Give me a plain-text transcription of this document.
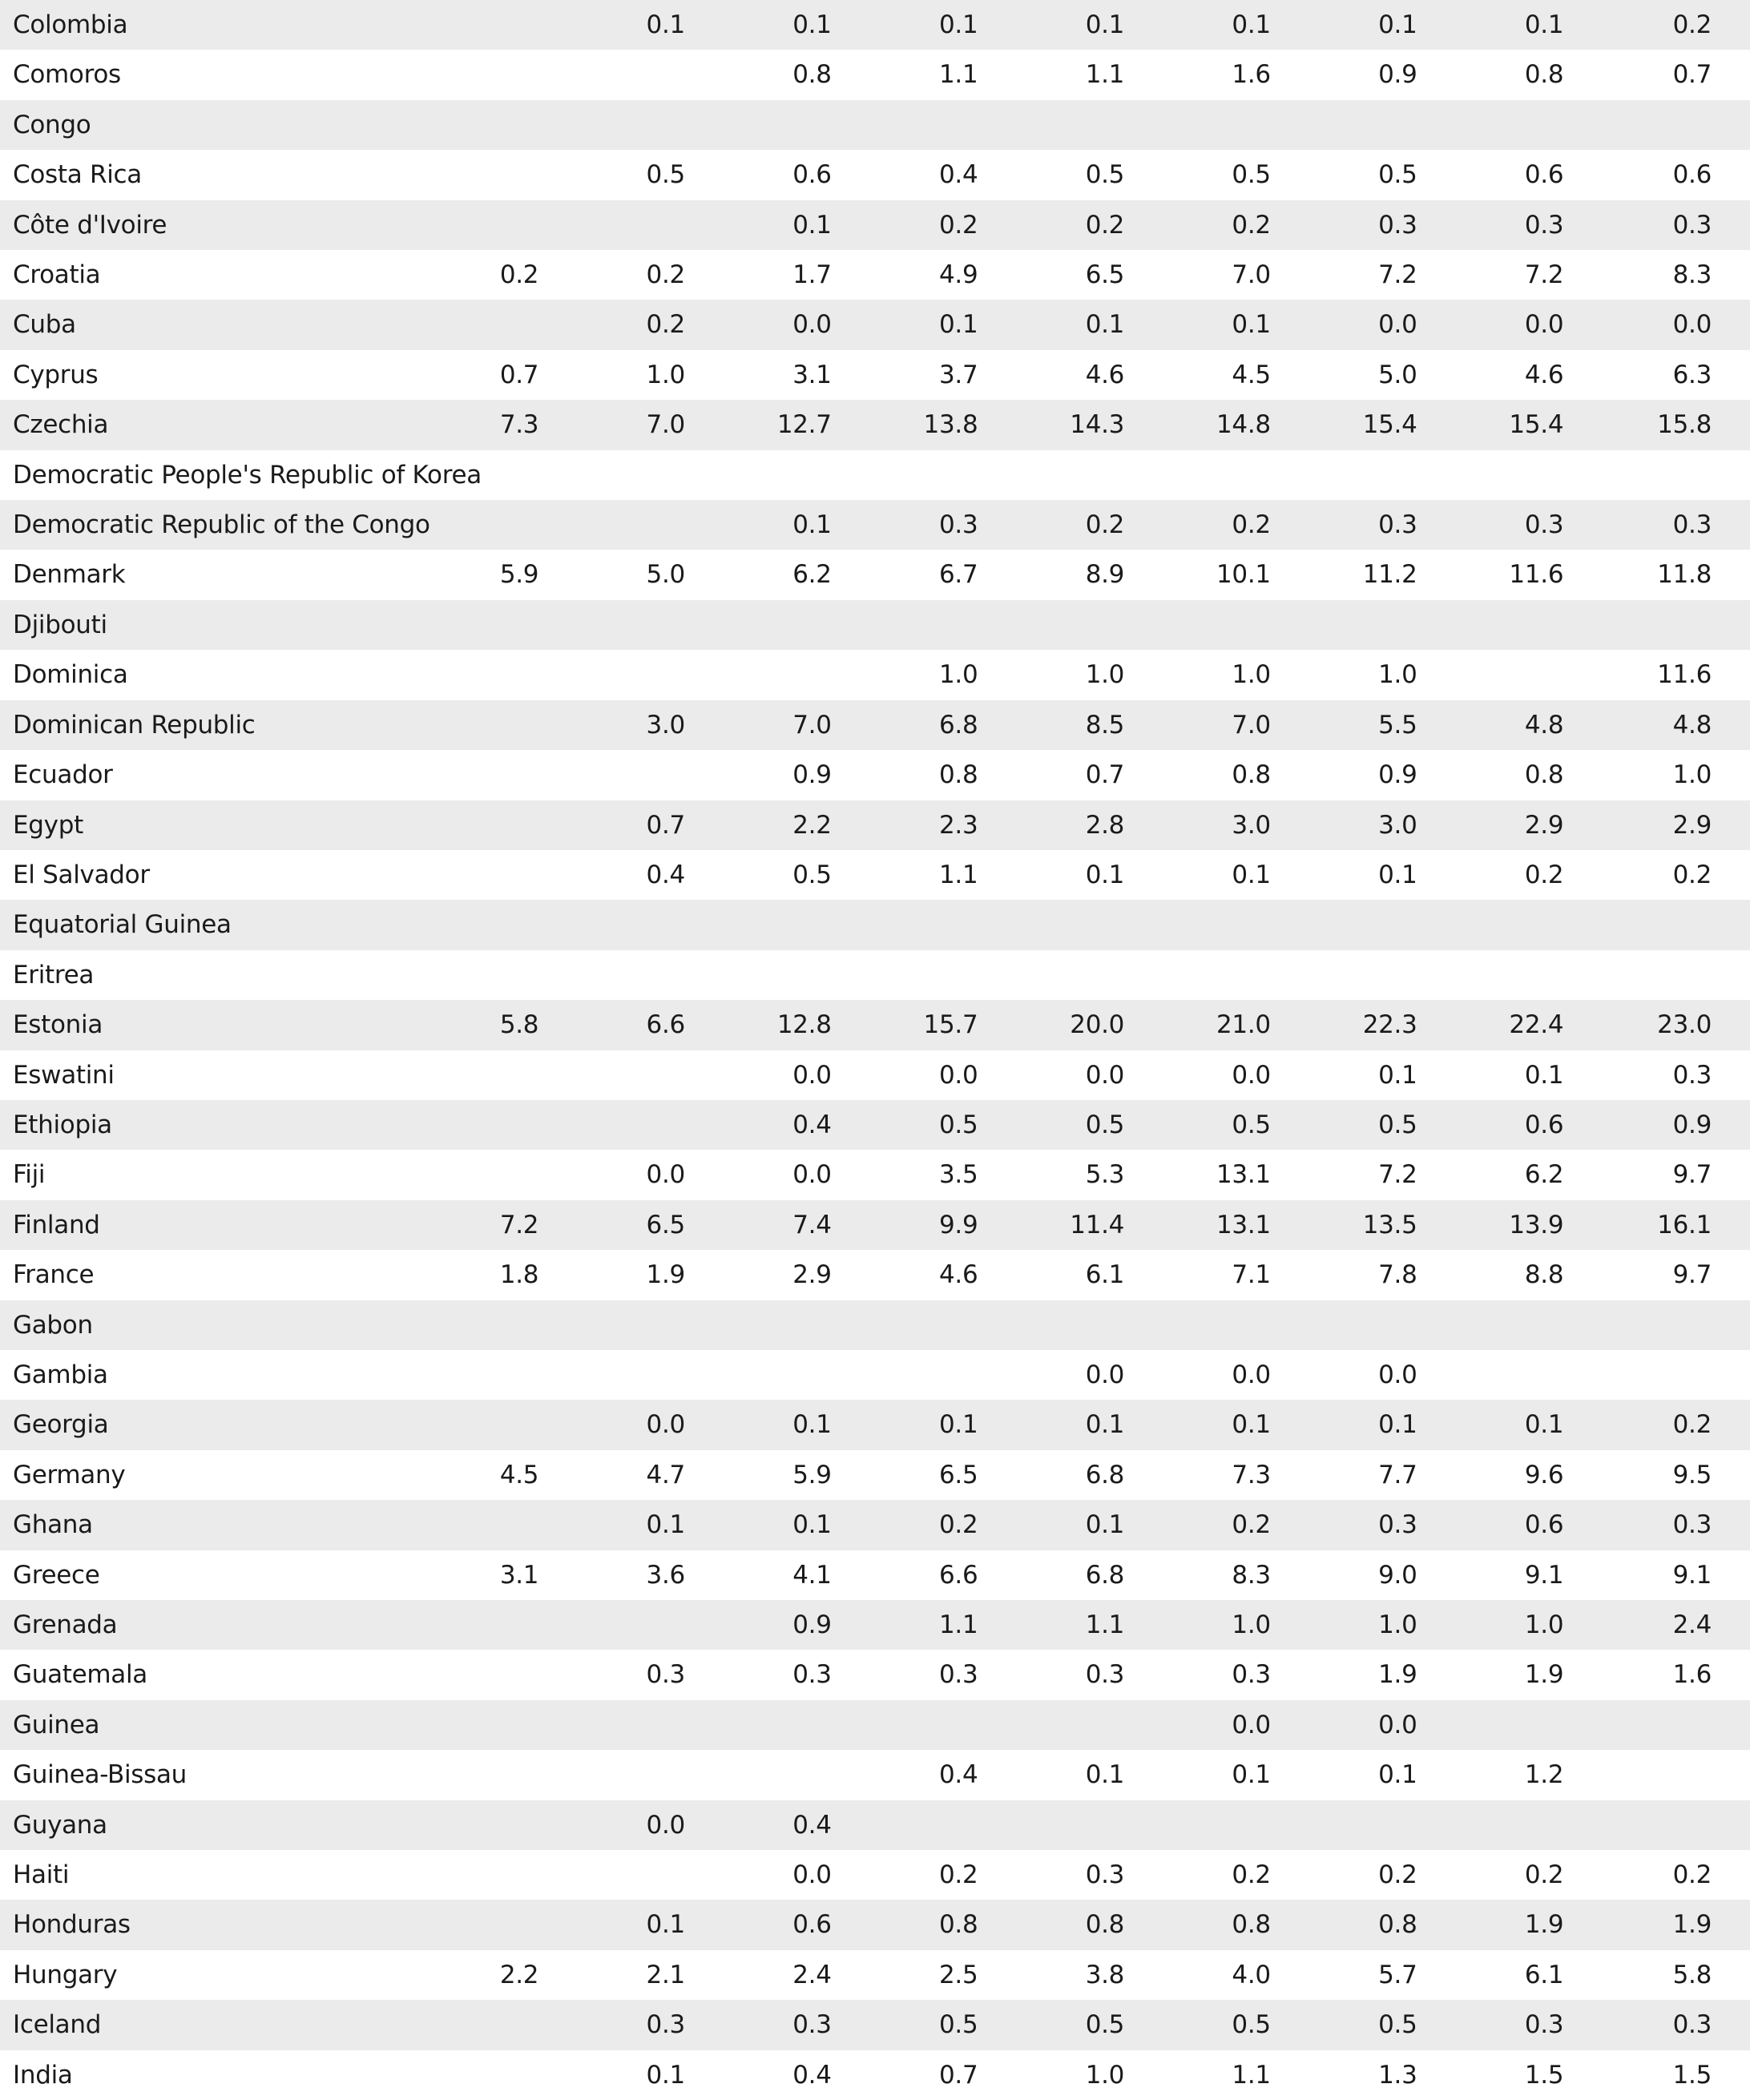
Colombia		0.1	0.1	0.1	0.1	0.1	0.1	0.1	0.2
Comoros			0.8	1.1	1.1	1.6	0.9	0.8	0.7
Congo									
Costa Rica		0.5	0.6	0.4	0.5	0.5	0.5	0.6	0.6
Côte d'Ivoire			0.1	0.2	0.2	0.2	0.3	0.3	0.3
Croatia	0.2	0.2	1.7	4.9	6.5	7.0	7.2	7.2	8.3
Cuba		0.2	0.0	0.1	0.1	0.1	0.0	0.0	0.0
Cyprus	0.7	1.0	3.1	3.7	4.6	4.5	5.0	4.6	6.3
Czechia	7.3	7.0	12.7	13.8	14.3	14.8	15.4	15.4	15.8
Democratic People's Republic of Korea									
Democratic Republic of the Congo			0.1	0.3	0.2	0.2	0.3	0.3	0.3
Denmark	5.9	5.0	6.2	6.7	8.9	10.1	11.2	11.6	11.8
Djibouti									
Dominica				1.0	1.0	1.0	1.0		11.6
Dominican Republic		3.0	7.0	6.8	8.5	7.0	5.5	4.8	4.8
Ecuador			0.9	0.8	0.7	0.8	0.9	0.8	1.0
Egypt		0.7	2.2	2.3	2.8	3.0	3.0	2.9	2.9
El Salvador		0.4	0.5	1.1	0.1	0.1	0.1	0.2	0.2
Equatorial Guinea									
Eritrea									
Estonia	5.8	6.6	12.8	15.7	20.0	21.0	22.3	22.4	23.0
Eswatini			0.0	0.0	0.0	0.0	0.1	0.1	0.3
Ethiopia			0.4	0.5	0.5	0.5	0.5	0.6	0.9
Fiji		0.0	0.0	3.5	5.3	13.1	7.2	6.2	9.7
Finland	7.2	6.5	7.4	9.9	11.4	13.1	13.5	13.9	16.1
France	1.8	1.9	2.9	4.6	6.1	7.1	7.8	8.8	9.7
Gabon									
Gambia					0.0	0.0	0.0		
Georgia		0.0	0.1	0.1	0.1	0.1	0.1	0.1	0.2
Germany	4.5	4.7	5.9	6.5	6.8	7.3	7.7	9.6	9.5
Ghana		0.1	0.1	0.2	0.1	0.2	0.3	0.6	0.3
Greece	3.1	3.6	4.1	6.6	6.8	8.3	9.0	9.1	9.1
Grenada			0.9	1.1	1.1	1.0	1.0	1.0	2.4
Guatemala		0.3	0.3	0.3	0.3	0.3	1.9	1.9	1.6
Guinea						0.0	0.0		
Guinea-Bissau				0.4	0.1	0.1	0.1	1.2	
Guyana		0.0	0.4						
Haiti			0.0	0.2	0.3	0.2	0.2	0.2	0.2
Honduras		0.1	0.6	0.8	0.8	0.8	0.8	1.9	1.9
Hungary	2.2	2.1	2.4	2.5	3.8	4.0	5.7	6.1	5.8
Iceland		0.3	0.3	0.5	0.5	0.5	0.5	0.3	0.3
India		0.1	0.4	0.7	1.0	1.1	1.3	1.5	1.5
